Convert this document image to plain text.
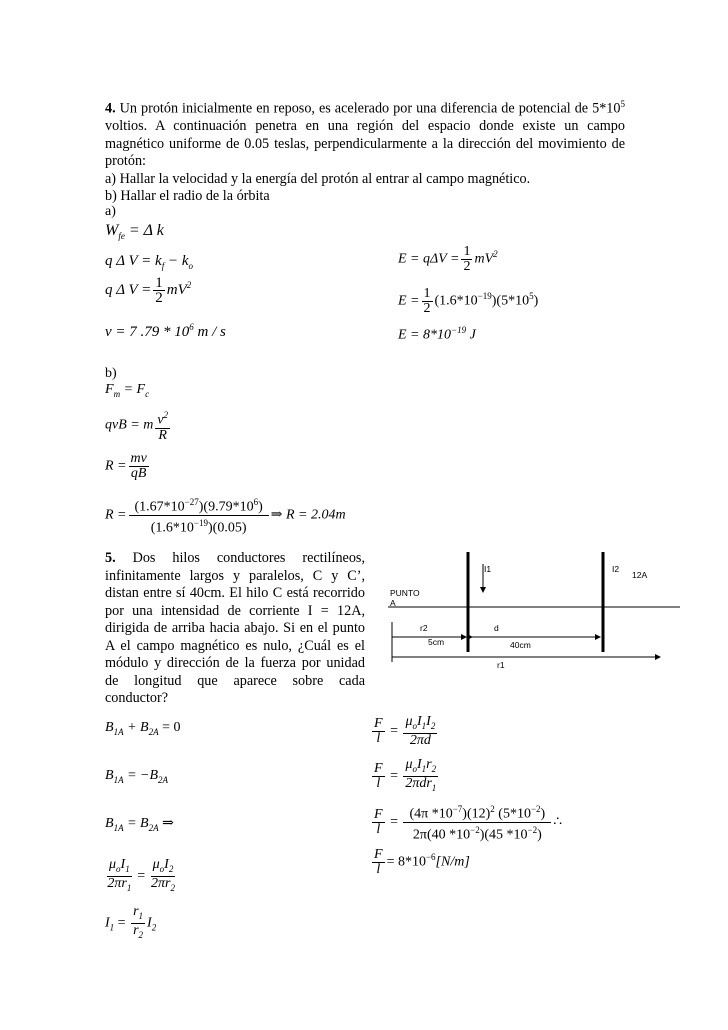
4. Un protón inicialmente en reposo, es acelerado por una diferencia de potencial de $5*10^5$ voltios. A continuación penetra en una región del espacio donde existe un campo magnético uniforme de 0.05 teslas, perpendicularmente a la dirección del movimiento de protón:
a) Hallar la velocidad y la energía del protón al entrar al campo magnético.
b) Hallar el radio de la órbita
a)
$W_{fe} = \Delta$ k
q Δ $V = k_f - k_o$
q Δ $V = \frac{1}{2} mV^2$
v = 7 $.79 * 10^6$ m / s
$E = q\Delta V = \frac{1}{2} mV^2$
$E = \frac{1}{2} (1.6*10^{-19})(5*10^5)$
$E = 8*10^{-19}$ J
b)
$F_m = F_c$
qvB = m $\frac{v^2}{R}$
$R = \frac{mv}{qB}$
$R = \frac{(1.67*10^{-27})(9.79*10^6)}{(1.6*10^{-19})(0.05)}$ ⇒ R = 2.04m
5. Dos hilos conductores rectilíneos, infinitamente largos y paralelos, C y C’, distan entre sí 40cm. El hilo C está recorrido por una intensidad de corriente I = 12A, dirigida de arriba hacia abajo. Si en el punto A el campo magnético es nulo, ¿Cuál es el módulo y dirección de la fuerza por unidad de longitud que aparece sobre cada conductor?
I1	I2
12A
PUNTO
A
r2	d
5cm	40cm
r1
$B_{1A} + B_{2A} = 0$
$B_{1A} = -B_{2A}$
$B_{1A} = B_{2A}$ ⇒
$\frac{\mu_oI_1}{2\pi r_1} = \frac{\mu_oI_2}{2\pi r_2}$
$I_1 = \frac{r_1}{r_2} I_2$
$\frac{F}{l} = \frac{\mu_oI_1I_2}{2\pi d}$
$\frac{F}{l} = \frac{\mu_oI_1r_2}{2\pi dr_1}$
$\frac{F}{l} = \frac{(4\pi *10^{-7})(12)^2 (5*10^{-2})}{2\pi(40 *10^{-2})(45 *10^{-2})}$ ∴
$\frac{F}{l} = 8*10^{-6}[N/m]$
